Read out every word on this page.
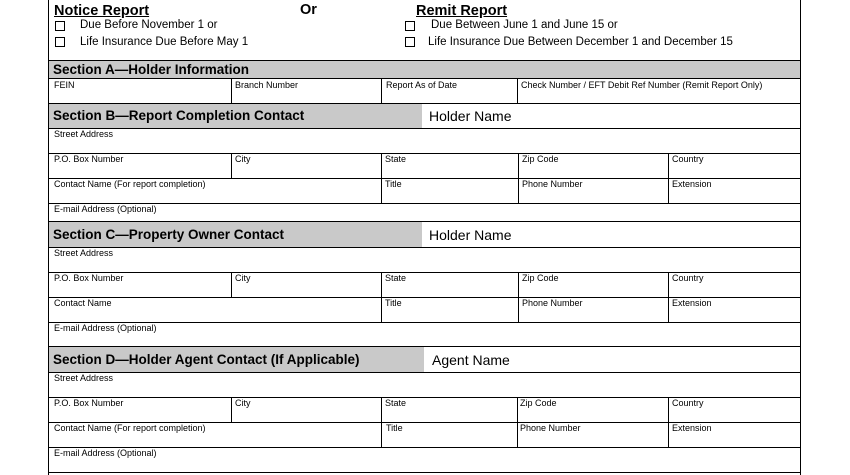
Notice Report	Or	Remit Report
Due Before November 1 or
Life Insurance Due Before May 1
Due Between June 1 and June 15 or
Life Insurance Due Between December 1 and December 15
Section A—Holder Information
FEIN	Branch Number	Report As of Date	Check Number / EFT Debit Ref Number (Remit Report Only)
Section B—Report Completion Contact	Holder Name
Street Address
P.O. Box Number	City	State	Zip Code	Country
Contact Name (For report completion)	Title	Phone Number	Extension
E-mail Address (Optional)
Section C—Property Owner Contact	Holder Name
Street Address
P.O. Box Number	City	State	Zip Code	Country
Contact Name	Title	Phone Number	Extension
E-mail Address (Optional)
Section D—Holder Agent Contact (If Applicable)	Agent Name
Street Address
P.O. Box Number	City	State	Zip Code	Country
Contact Name (For report completion)	Title	Phone Number	Extension
E-mail Address (Optional)
